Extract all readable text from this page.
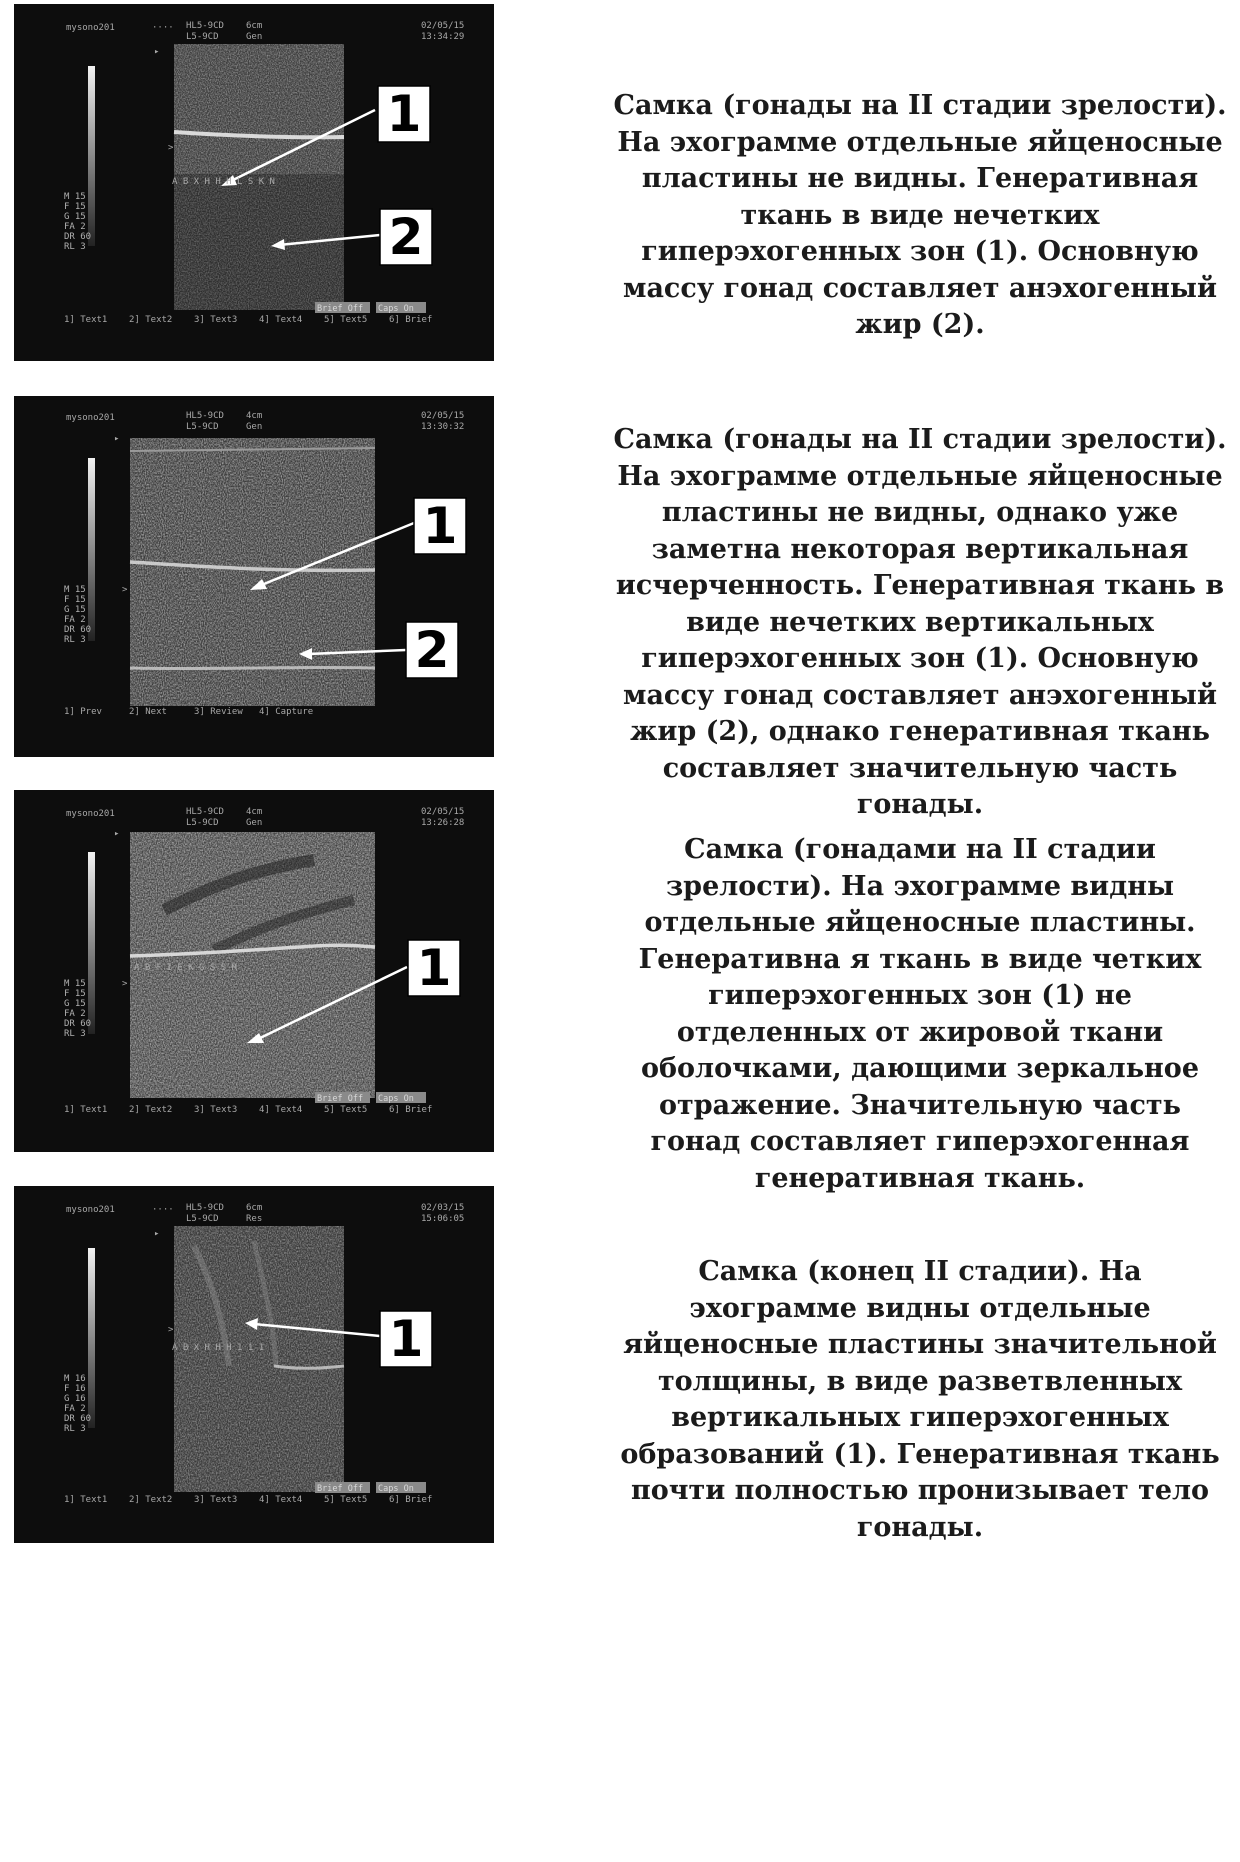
▸
>
1
2
mysono201	···· HL5-9CD
L5-9CD
6cm
Gen
02/05/15
13:34:29
M 15
F 15
G 15
FA 2
DR 60
RL 3
A B X H H H L S K N
Brief Off Caps On
1] Text1 2] Text2 3] Text3 4] Text4 5] Text5 6] Brief

Самка (гонады на II стадии зрелости). На эхограмме отдельные яйценосные пластины не видны. Генеративная ткань в виде нечетких гиперэхогенных зон (1). Основную массу гонад составляет анэхогенный жир (2).

▸
>
1
2
mysono201	HL5-9CD
L5-9CD
4cm
Gen
02/05/15
13:30:32
M 15
F 15
G 15
FA 2
DR 60
RL 3
1] Prev	2] Next	3] Review 4] Capture

Самка (гонады на II стадии зрелости). На эхограмме отдельные яйценосные пластины не видны, однако уже заметна некоторая вертикальная исчерченность. Генеративная ткань в виде нечетких вертикальных гиперэхогенных зон (1). Основную массу гонад составляет анэхогенный жир (2), однако генеративная ткань составляет значительную часть гонады.

▸
>	1
mysono201	HL5-9CD
L5-9CD
4cm
Gen
02/05/15
13:26:28
M 15
F 15
G 15
FA 2
DR 60
RL 3
A B F I E K G S S R
Brief Off Caps On
1] Text1 2] Text2 3] Text3 4] Text4 5] Text5 6] Brief

Самка (гонадами на II стадии зрелости). На эхограмме видны отдельные яйценосные пластины. Генеративна я ткань в виде четких гиперэхогенных зон (1) не отделенных от жировой ткани оболочками, дающими зеркальное отражение. Значительную часть гонад составляет гиперэхогенная генеративная ткань.

▸
>	1
mysono201	···· HL5-9CD
L5-9CD
6cm
Res
02/03/15
15:06:05
M 16
F 16
G 16
FA 2
DR 60
RL 3
A B X H H H 1 1 1
Brief Off Caps On
1] Text1 2] Text2 3] Text3 4] Text4 5] Text5 6] Brief

Самка (конец II стадии). На эхограмме видны отдельные яйценосные пластины значительной толщины, в виде разветвленных вертикальных гиперэхогенных образований (1). Генеративная ткань почти полностью пронизывает тело гонады.
